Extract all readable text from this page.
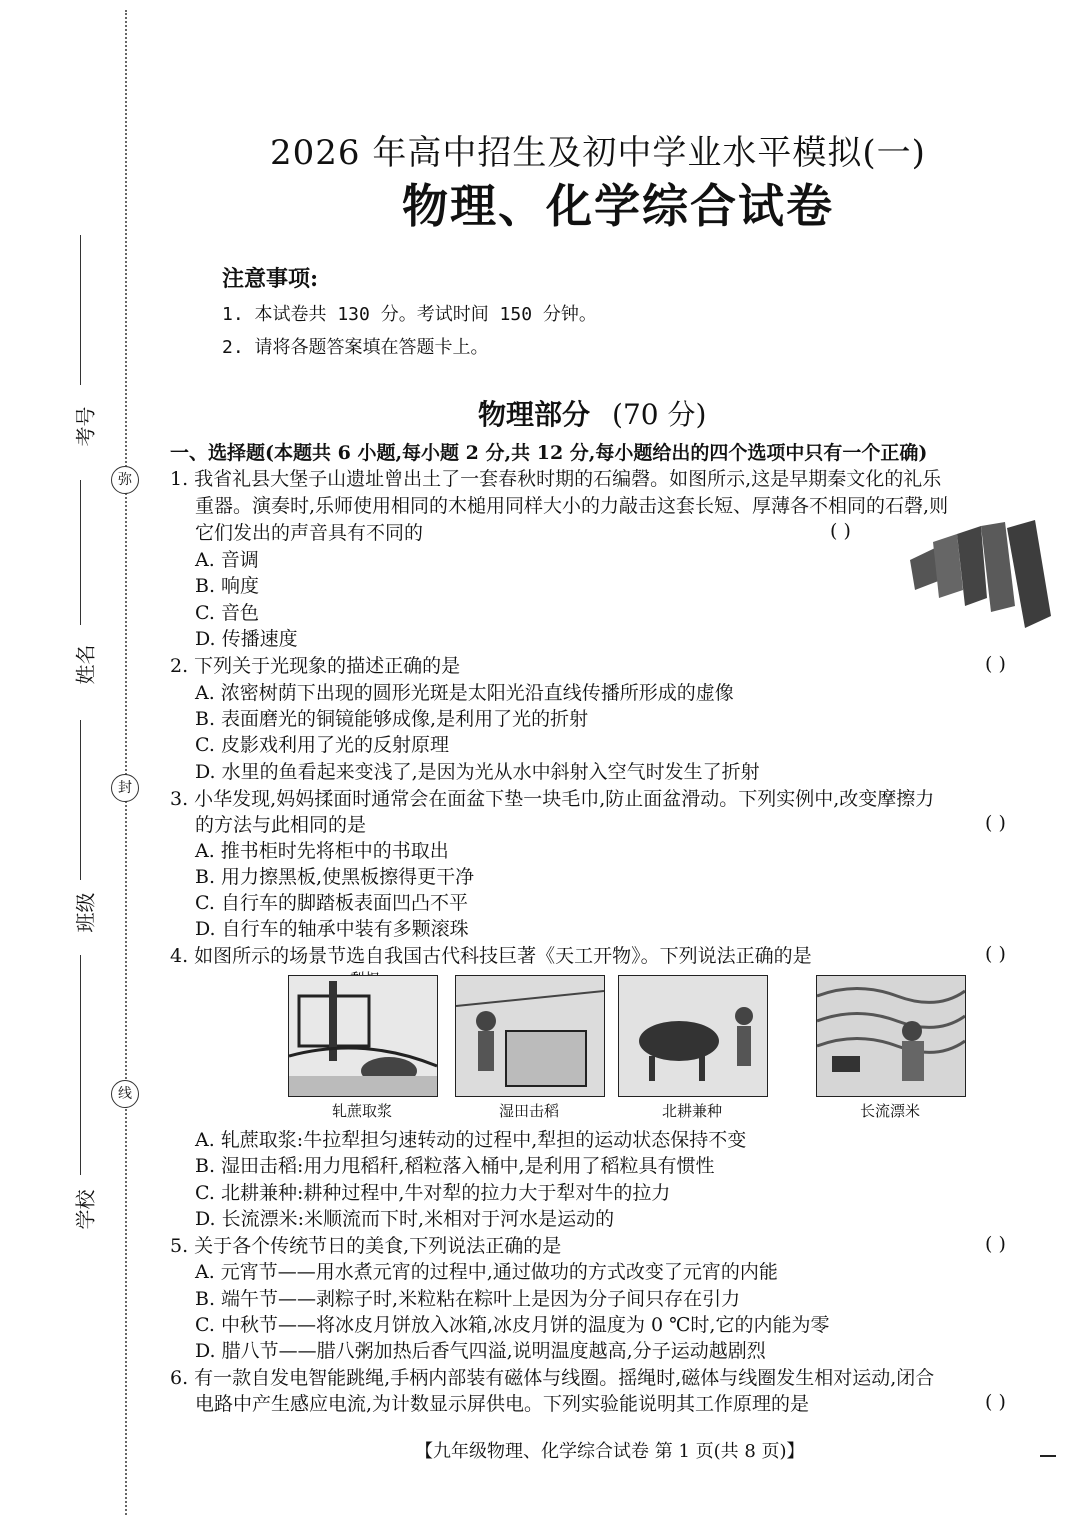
弥
封
线
考号
姓名
班级
学校
2026 年高中招生及初中学业水平模拟(一)
物理、化学综合试卷
注意事项:
1. 本试卷共 130 分。考试时间 150 分钟。
2. 请将各题答案填在答题卡上。
物理部分 (70 分)
一、选择题(本题共 6 小题,每小题 2 分,共 12 分,每小题给出的四个选项中只有一个正确)
1. 我省礼县大堡子山遗址曾出土了一套春秋时期的石编磬。如图所示,这是早期秦文化的礼乐
重器。演奏时,乐师使用相同的木槌用同样大小的力敲击这套长短、厚薄各不相同的石磬,则
它们发出的声音具有不同的	( )
A. 音调
B. 响度
C. 音色
D. 传播速度
2. 下列关于光现象的描述正确的是	( )
A. 浓密树荫下出现的圆形光斑是太阳光沿直线传播所形成的虚像
B. 表面磨光的铜镜能够成像,是利用了光的折射
C. 皮影戏利用了光的反射原理
D. 水里的鱼看起来变浅了,是因为光从水中斜射入空气时发生了折射
3. 小华发现,妈妈揉面时通常会在面盆下垫一块毛巾,防止面盆滑动。下列实例中,改变摩擦力
的方法与此相同的是	( )
A. 推书柜时先将柜中的书取出
B. 用力擦黑板,使黑板擦得更干净
C. 自行车的脚踏板表面凹凸不平
D. 自行车的轴承中装有多颗滚珠
4. 如图所示的场景节选自我国古代科技巨著《天工开物》。下列说法正确的是	( )
轧蔗取浆	湿田击稻	北耕兼种	长流漂米
A. 轧蔗取浆:牛拉犁担匀速转动的过程中,犁担的运动状态保持不变
B. 湿田击稻:用力甩稻秆,稻粒落入桶中,是利用了稻粒具有惯性
C. 北耕兼种:耕种过程中,牛对犁的拉力大于犁对牛的拉力
D. 长流漂米:米顺流而下时,米相对于河水是运动的
5. 关于各个传统节日的美食,下列说法正确的是	( )
A. 元宵节——用水煮元宵的过程中,通过做功的方式改变了元宵的内能
B. 端午节——剥粽子时,米粒粘在粽叶上是因为分子间只存在引力
C. 中秋节——将冰皮月饼放入冰箱,冰皮月饼的温度为 0 ℃时,它的内能为零
D. 腊八节——腊八粥加热后香气四溢,说明温度越高,分子运动越剧烈
6. 有一款自发电智能跳绳,手柄内部装有磁体与线圈。摇绳时,磁体与线圈发生相对运动,闭合
电路中产生感应电流,为计数显示屏供电。下列实验能说明其工作原理的是	( )
【九年级物理、化学综合试卷 第 1 页(共 8 页)】
